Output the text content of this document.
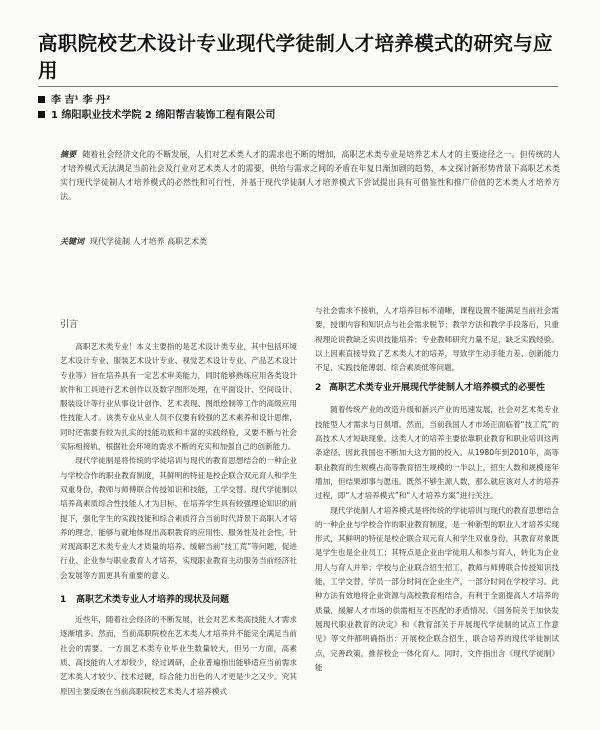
高职院校艺术设计专业现代学徒制人才培养模式的研究与应用
李 吉¹ 李 丹²
1 绵阳职业技术学院 2 绵阳帮吉装饰工程有限公司
摘要 随着社会经济文化的不断发展，人们对艺术类人才的需求也不断的增加，高职艺术类专业是培养艺术人才的主要途径之一。但传统的人才培养模式无法满足当前社会及行业对艺术类人才的需要，供给与需求之间的矛盾在年复日渐加剧的趋势，本文探讨新形势背景下高职艺术类实行现代学徒制人才培养模式的必然性和可行性，并基于现代学徒制人才培养模式下尝试提出具有可借鉴性和推广价值的艺术类人才培养方法。
关键词 现代学徒制 人才培养 高职艺术类
引言

高职艺术类专业！本义主要指的是艺术设计类专业，其中包括环境艺术设计专业、服装艺术设计专业、视觉艺术设计专业、产品艺术设计专业等）旨在培养具有一定艺术审美能力，同时能够熟练应用各类设计软件和工具进行艺术创作以及数字图形处理，在平面设计、空间设计、服装设计等行业从事设计创作、艺术表现、图纸绘制等工作的高级应用性技能人才。该类专业从业人员不仅要有较强的艺术素养和设计思维，同时还需要有较为扎实的技能功底和丰富的实践经验，又要不断与社会实际相接轨，根据社会环境的需求不断的充实和加强自己的创新能力。

现代学徒制是将传统的学徒培训与现代的教育思想结合的一种企业与学校合作的职业教育制度，其鲜明的特征是校企联合双元育人和学生双重身份，教师与师傅联合传授知识和技能，工学交替。现代学徒制以培养高素质综合性技能人才为目标，在培养学生具有较强理论知识的前提下，强化学生的实践技能和综合素质符合当前时代背景下高职人才培养的理念，能够与就地体现出高职教育的应用性、服务性及社会性，针对现高职艺术类专业人才质量的培养、缓解当前“技工荒”等问题，促进行业、企业参与职业教育人才培养，实现职业教育主动服务当前经济社会发展等方面更具有重要的意义。

1 高职艺术类专业人才培养的现状及问题

近些年，随着社会经济的不断发展，社会对艺术类高技能人才需求逐渐增多。然而，当前高职院校在艺术类人才培养并不能完全满足当前社会的需要。一方面艺术类专业毕业生数量较大，但另一方面，高素质、高技能的人才却较少，经过调研，企业普遍指出能够适应当前需求艺术类人才较少、技术过硬，综合能力出色的人才更是少之又少。究其原因主要反映在当前高职院校艺术类人才培养模式

与社会需求不接轨，人才培养目标不清晰，课程设置不能满足当前社会需要，授课内容和知识点与社会需求脱节；教学方法和教学手段落后，只重视理论说教缺乏实训技能培养；专业教师研究力量不足，缺乏实践经验。以上因素直接导致了艺术类人才的培养，导致学生动手能力差、创新能力不足、实践技能薄弱、综合素质低等问题。

2 高职艺术类专业开展现代学徒制人才培养模式的必要性

随着传统产业的改造升级和新兴产业的迅速发展，社会对艺术类专业技能型人才需求与日俱增。然而，当前我国人才市场正面临着“技工荒”的高技术人才短缺现象。这类人才的培养主要依靠职业教育和职业培训这两条途径，因此我国也不断加大这方面的投入。从1980年到2010年，高等职业教育的生规模占高等教育招生规模的一半以上，招生人数和规模逐年增加，但结果却事与愿违。既然不够生源人数，那么就应该对人才的培养过程，即“人才培养模式”和“人才培养方案”进行关注。

现代学徒制人才培养模式是将传统的学徒培训与现代的教育思想结合的一种企业与学校合作的职业教育制度，是一种新型的职业人才培养实现形式，其鲜明的特征是校企联合双元育人和学生双重身份，其教育对象既是学生也是企业员工；其特点是企业由学徒用人和参与育人，转化为企业用人与育人并举；学校与企业联合招生招工，教师与师傅联合传授知识技能，工学交替，学员一部分时间在企业生产，一部分时间在学校学习。此种方法有效地将企业资源与高校教育相结合，有利于全面提高人才培养的质量，缓解人才市场的供需相互不匹配的矛盾情况。《国务院关于加快发展现代职业教育的决定》和《教育部关于开展现代学徒制的试点工作意见》等文件都明确指出：开展校企联合招生、联合培养的现代学徒制试点，完善政策，推荐校企一体化育人。同时，文件指出含《现代学徒制》能
